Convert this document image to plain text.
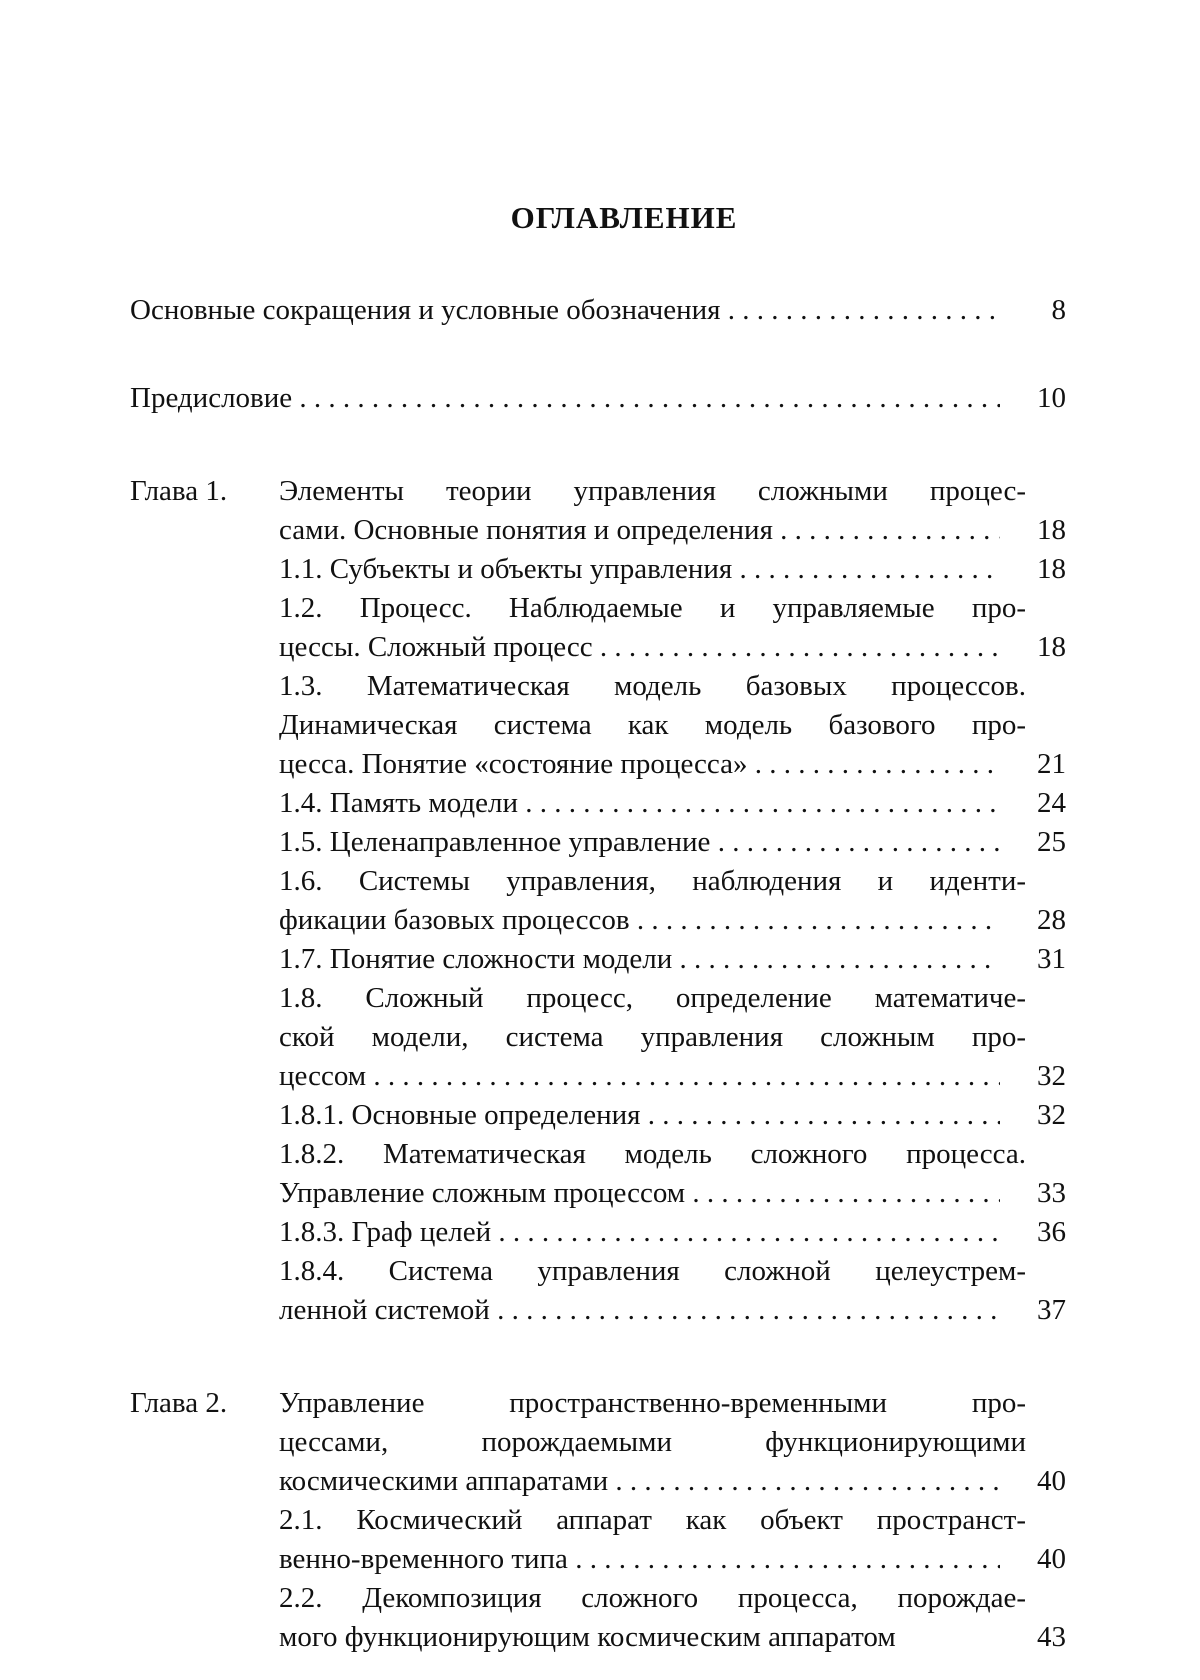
ОГЛАВЛЕНИЕ
Основные сокращения и условные обозначения . . .	8
Предисловие . . .	10
Глава 1. Элементы теории управления сложными процес-
сами. Основные понятия и определения . . .	18
1.1. Субъекты и объекты управления . . .	18
1.2. Процесс. Наблюдаемые и управляемые про-
цесcы. Сложный процесс . . .	18
1.3. Математическая модель базовых процессов.
Динамическая система как модель базового про-
цесса. Понятие «состояние процесса» . . .	21
1.4. Память модели . . .	24
1.5. Целенаправленное управление . . .	25
1.6. Системы управления, наблюдения и иденти-
фикации базовых процессов . . .	28
1.7. Понятие сложности модели . . .	31
1.8. Сложный процесс, определение математиче-
ской модели, система управления сложным про-
цессом . . .	32
1.8.1. Основные определения . . .	32
1.8.2. Математическая модель сложного процесса.
Управление сложным процессом . . .	33
1.8.3. Граф целей . . .	36
1.8.4. Система управления сложной целеустрем-
ленной системой . . .	37
Глава 2. Управление пространственно-временными про-
цессами, порождаемыми функционирующими
космическими аппаратами . . .	40
2.1. Космический аппарат как объект пространст-
венно-временного типа . . .	40
2.2. Декомпозиция сложного процесса, порождае-
мого функционирующим космическим аппаратом	43
